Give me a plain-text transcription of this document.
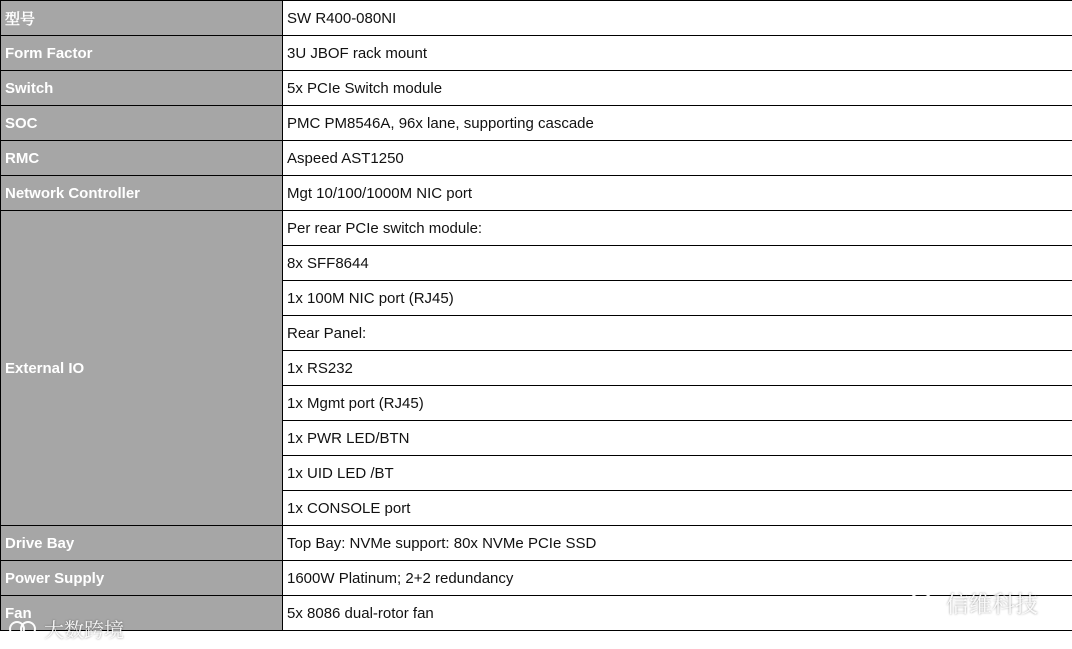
型号	SW R400-080NI
Form Factor	3U JBOF rack mount
Switch	5x PCIe Switch module
SOC	PMC PM8546A, 96x lane, supporting cascade
RMC	Aspeed AST1250
Network Controller	Mgt 10/100/1000M NIC port
External IO	Per rear PCIe switch module:
	8x SFF8644
	1x 100M NIC port (RJ45)
	Rear Panel:
	1x RS232
	1x Mgmt port (RJ45)
	1x PWR LED/BTN
	1x UID LED /BT
	1x CONSOLE port
Drive Bay	Top Bay: NVMe support: 80x NVMe PCIe SSD
Power Supply	1600W Platinum; 2+2 redundancy
Fan	5x 8086 dual-rotor fan	信维科技
大数跨境
